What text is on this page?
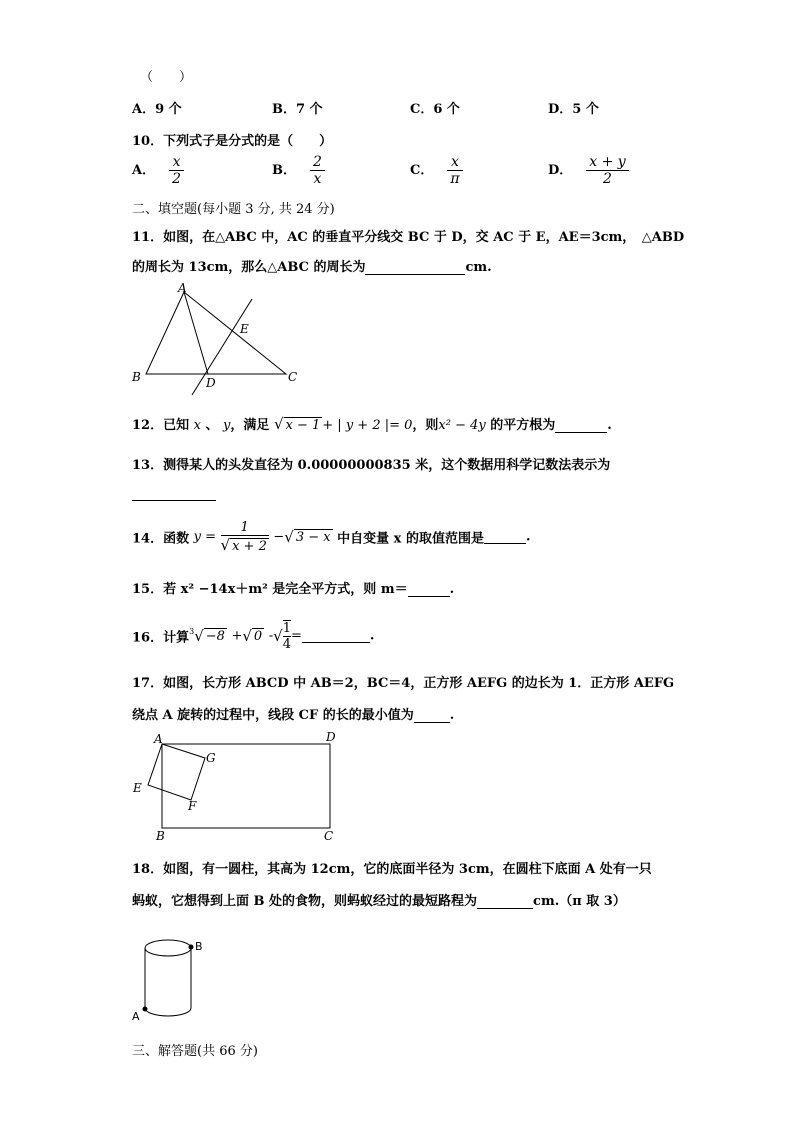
（　　）
A．9 个	B．7 个	C．6 个	D．5 个
10．下列式子是分式的是（　　）
A． $\frac{x}{2}$	B． $\frac{2}{x}$	C． $\frac{x}{\pi}$	D． $\frac{x + y}{2}$
二、填空题(每小题 3 分, 共 24 分)
11．如图，在△ABC 中，AC 的垂直平分线交 BC 于 D，交 AC 于 E，AE＝3cm，　△ABD
的周长为 13cm，那么△ABC 的周长为	cm.
A
B	C
D
E
12．已知 x 、 y，满足 √ x − 1 + | y + 2 |= 0，则x² − 4y 的平方根为	.
13．测得某人的头发直径为 0.00000000835 米，这个数据用科学记数法表示为
14．函数 $y = \frac{1}{√ x + 2}$ −√ 3 − x 中自变量 x 的取值范围是	.
15．若 x² −14x＋m² 是完全平方式，则 m＝	.
16．计算$^3$√ −8 +√ 0 -√ $\frac{1}{4}$ =	.
17．如图，长方形 ABCD 中 AB＝2，BC＝4，正方形 AEFG 的边长为 1．正方形 AEFG
绕点 A 旋转的过程中，线段 CF 的长的最小值为	.
A
B	C
D
E
F
G
18．如图，有一圆柱，其高为 12cm，它的底面半径为 3cm，在圆柱下底面 A 处有一只
蚂蚁，它想得到上面 B 处的食物，则蚂蚁经过的最短路程为	cm.（π 取 3）
B
A
三、解答题(共 66 分)
